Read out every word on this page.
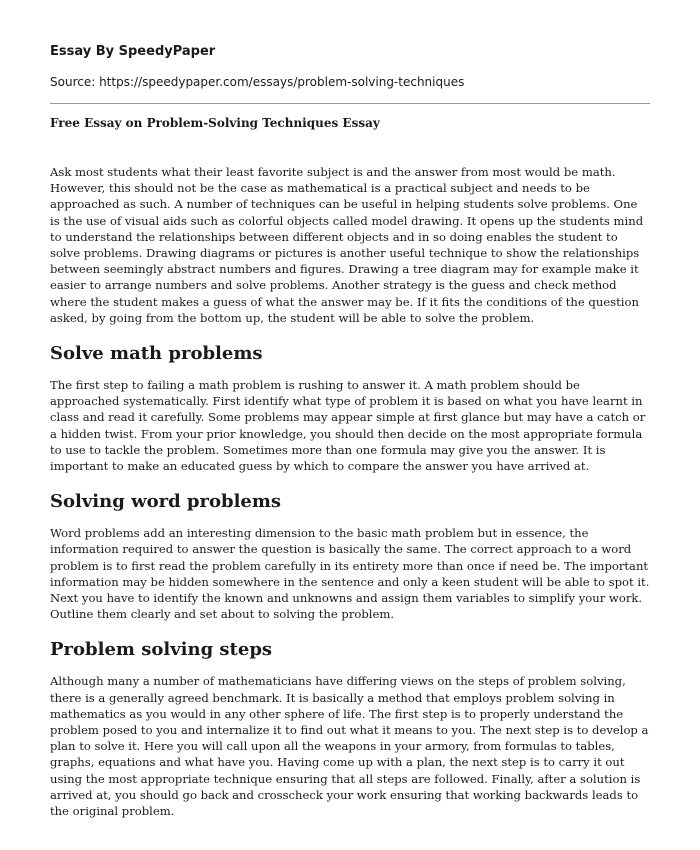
Essay By SpeedyPaper

Source: https://speedypaper.com/essays/problem-solving-techniques

Free Essay on Problem-Solving Techniques Essay

Ask most students what their least favorite subject is and the answer from most would be math. However, this should not be the case as mathematical is a practical subject and needs to be approached as such. A number of techniques can be useful in helping students solve problems. One is the use of visual aids such as colorful objects called model drawing. It opens up the students mind to understand the relationships between different objects and in so doing enables the student to solve problems. Drawing diagrams or pictures is another useful technique to show the relationships between seemingly abstract numbers and figures. Drawing a tree diagram may for example make it easier to arrange numbers and solve problems. Another strategy is the guess and check method where the student makes a guess of what the answer may be. If it fits the conditions of the question asked, by going from the bottom up, the student will be able to solve the problem.

Solve math problems

The first step to failing a math problem is rushing to answer it. A math problem should be approached systematically. First identify what type of problem it is based on what you have learnt in class and read it carefully. Some problems may appear simple at first glance but may have a catch or a hidden twist. From your prior knowledge, you should then decide on the most appropriate formula to use to tackle the problem. Sometimes more than one formula may give you the answer. It is important to make an educated guess by which to compare the answer you have arrived at.

Solving word problems

Word problems add an interesting dimension to the basic math problem but in essence, the information required to answer the question is basically the same. The correct approach to a word problem is to first read the problem carefully in its entirety more than once if need be. The important information may be hidden somewhere in the sentence and only a keen student will be able to spot it. Next you have to identify the known and unknowns and assign them variables to simplify your work. Outline them clearly and set about to solving the problem.

Problem solving steps

Although many a number of mathematicians have differing views on the steps of problem solving, there is a generally agreed benchmark. It is basically a method that employs problem solving in mathematics as you would in any other sphere of life. The first step is to properly understand the problem posed to you and internalize it to find out what it means to you. The next step is to develop a plan to solve it. Here you will call upon all the weapons in your armory, from formulas to tables, graphs, equations and what have you. Having come up with a plan, the next step is to carry it out using the most appropriate technique ensuring that all steps are followed. Finally, after a solution is arrived at, you should go back and crosscheck your work ensuring that working backwards leads to the original problem.
